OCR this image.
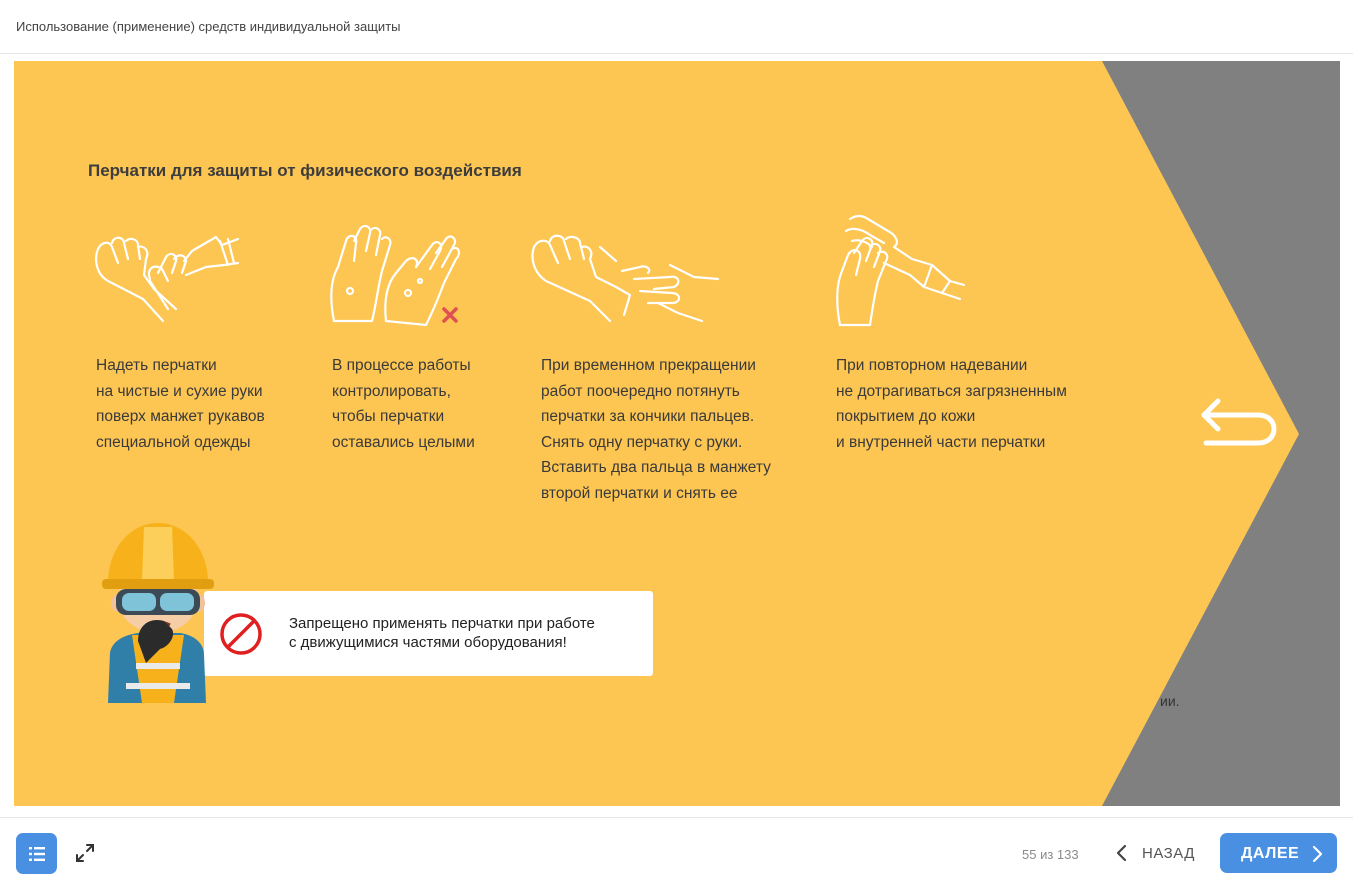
Использование (применение) средств индивидуальной защиты
Перчатки для защиты от физического воздействия
Надеть перчатки
на чистые и сухие руки
поверх манжет рукавов
специальной одежды
В процессе работы
контролировать,
чтобы перчатки
оставались целыми
При временном прекращении
работ поочередно потянуть
перчатки за кончики пальцев.
Снять одну перчатку с руки.
Вставить два пальца в манжету
второй перчатки и снять ее
При повторном надевании
не дотрагиваться загрязненным
покрытием до кожи
и внутренней части перчатки
ии.
Запрещено применять перчатки при работе
с движущимися частями оборудования!
55 из 133	НАЗАД	ДАЛЕЕ
